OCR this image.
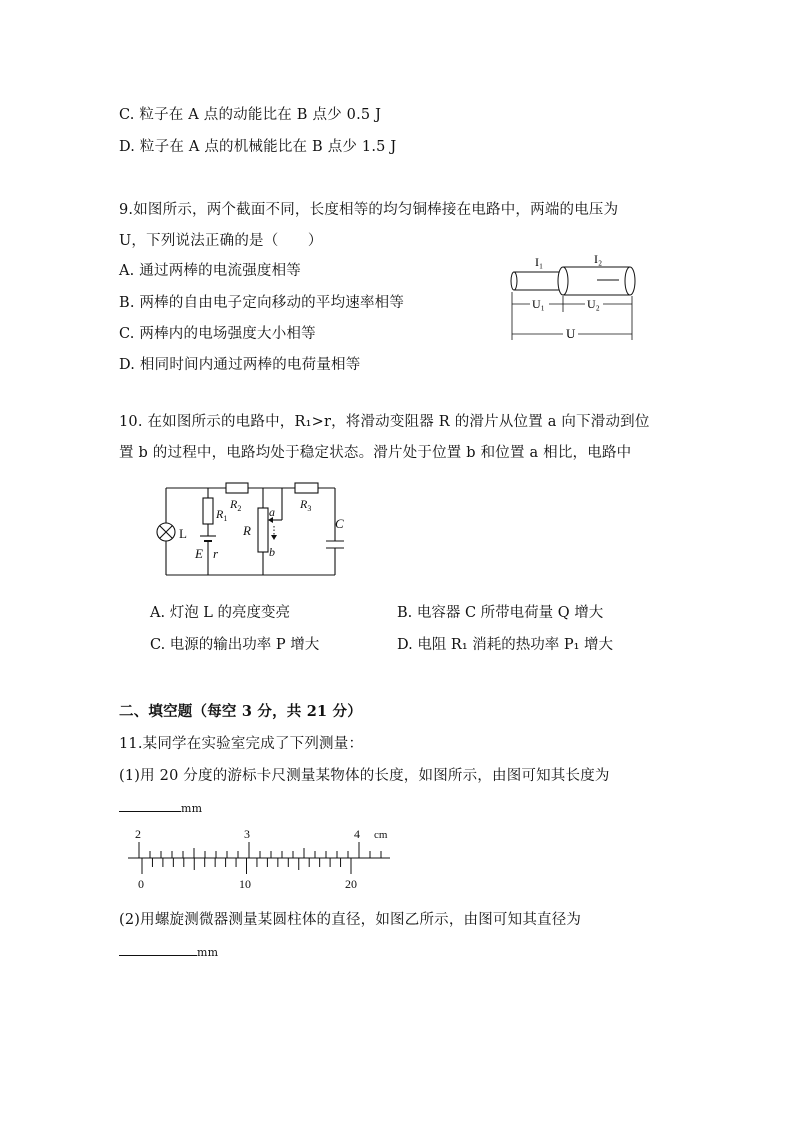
C. 粒子在 A 点的动能比在 B 点少 0.5 J
D. 粒子在 A 点的机械能比在 B 点少 1.5 J
9.如图所示，两个截面不同，长度相等的均匀铜棒接在电路中，两端的电压为
U，下列说法正确的是（　　）
A. 通过两棒的电流强度相等
B. 两棒的自由电子定向移动的平均速率相等
C. 两棒内的电场强度大小相等
D. 相同时间内通过两棒的电荷量相等
I₁	I₂
U₁	U₂
U
10. 在如图所示的电路中，R₁>r，将滑动变阻器 R 的滑片从位置 a 向下滑动到位
置 b 的过程中，电路均处于稳定状态。滑片处于位置 b 和位置 a 相比，电路中
L
E r
$R_1$
$R_2$	$R_3$
R
a
b
C
A. 灯泡 L 的亮度变亮	B. 电容器 C 所带电荷量 Q 增大
C. 电源的输出功率 P 增大	D. 电阻 R₁ 消耗的热功率 P₁ 增大
二、填空题（每空 3 分，共 21 分）
11.某同学在实验室完成了下列测量：
(1)用 20 分度的游标卡尺测量某物体的长度，如图所示，由图可知其长度为
mm
2	3	4 cm
0	10	20
(2)用螺旋测微器测量某圆柱体的直径，如图乙所示，由图可知其直径为
mm
